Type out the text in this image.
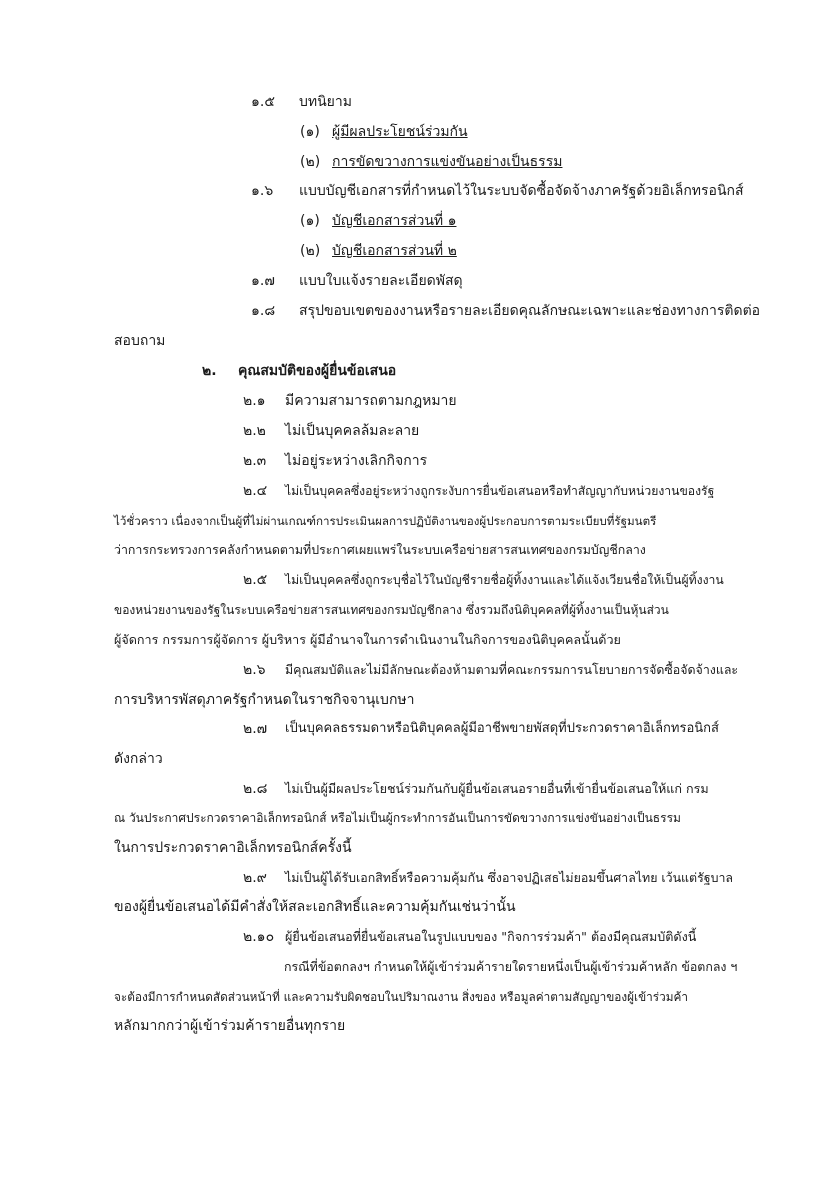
๑.๕	บทนิยาม
(๑) ผู้มีผลประโยชน์ร่วมกัน
(๒) การขัดขวางการแข่งขันอย่างเป็นธรรม
๑.๖	แบบบัญชีเอกสารที่กำหนดไว้ในระบบจัดซื้อจัดจ้างภาครัฐด้วยอิเล็กทรอนิกส์
(๑) บัญชีเอกสารส่วนที่ ๑
(๒) บัญชีเอกสารส่วนที่ ๒
๑.๗	แบบใบแจ้งรายละเอียดพัสดุ
๑.๘	สรุปขอบเขตของงานหรือรายละเอียดคุณลักษณะเฉพาะและช่องทางการติดต่อ
สอบถาม
๒.	คุณสมบัติของผู้ยื่นข้อเสนอ
๒.๑	มีความสามารถตามกฎหมาย
๒.๒	ไม่เป็นบุคคลล้มละลาย
๒.๓	ไม่อยู่ระหว่างเลิกกิจการ
๒.๔	ไม่เป็นบุคคลซึ่งอยู่ระหว่างถูกระงับการยื่นข้อเสนอหรือทำสัญญากับหน่วยงานของรัฐ
ไว้ชั่วคราว เนื่องจากเป็นผู้ที่ไม่ผ่านเกณฑ์การประเมินผลการปฏิบัติงานของผู้ประกอบการตามระเบียบที่รัฐมนตรี
ว่าการกระทรวงการคลังกำหนดตามที่ประกาศเผยแพร่ในระบบเครือข่ายสารสนเทศของกรมบัญชีกลาง
๒.๕	ไม่เป็นบุคคลซึ่งถูกระบุชื่อไว้ในบัญชีรายชื่อผู้ทิ้งงานและได้แจ้งเวียนชื่อให้เป็นผู้ทิ้งงาน
ของหน่วยงานของรัฐในระบบเครือข่ายสารสนเทศของกรมบัญชีกลาง ซึ่งรวมถึงนิติบุคคลที่ผู้ทิ้งงานเป็นหุ้นส่วน
ผู้จัดการ กรรมการผู้จัดการ ผู้บริหาร ผู้มีอำนาจในการดำเนินงานในกิจการของนิติบุคคลนั้นด้วย
๒.๖	มีคุณสมบัติและไม่มีลักษณะต้องห้ามตามที่คณะกรรมการนโยบายการจัดซื้อจัดจ้างและ
การบริหารพัสดุภาครัฐกำหนดในราชกิจจานุเบกษา
๒.๗	เป็นบุคคลธรรมดาหรือนิติบุคคลผู้มีอาชีพขายพัสดุที่ประกวดราคาอิเล็กทรอนิกส์
ดังกล่าว
๒.๘	ไม่เป็นผู้มีผลประโยชน์ร่วมกันกับผู้ยื่นข้อเสนอรายอื่นที่เข้ายื่นข้อเสนอให้แก่ กรม
ณ วันประกาศประกวดราคาอิเล็กทรอนิกส์ หรือไม่เป็นผู้กระทำการอันเป็นการขัดขวางการแข่งขันอย่างเป็นธรรม
ในการประกวดราคาอิเล็กทรอนิกส์ครั้งนี้
๒.๙	ไม่เป็นผู้ได้รับเอกสิทธิ์หรือความคุ้มกัน ซึ่งอาจปฏิเสธไม่ยอมขึ้นศาลไทย เว้นแต่รัฐบาล
ของผู้ยื่นข้อเสนอได้มีคำสั่งให้สละเอกสิทธิ์และความคุ้มกันเช่นว่านั้น
๒.๑๐ ผู้ยื่นข้อเสนอที่ยื่นข้อเสนอในรูปแบบของ "กิจการร่วมค้า" ต้องมีคุณสมบัติดังนี้
กรณีที่ข้อตกลงฯ กำหนดให้ผู้เข้าร่วมค้ารายใดรายหนึ่งเป็นผู้เข้าร่วมค้าหลัก ข้อตกลง ฯ
จะต้องมีการกำหนดสัดส่วนหน้าที่ และความรับผิดชอบในปริมาณงาน สิ่งของ หรือมูลค่าตามสัญญาของผู้เข้าร่วมค้า
หลักมากกว่าผู้เข้าร่วมค้ารายอื่นทุกราย
